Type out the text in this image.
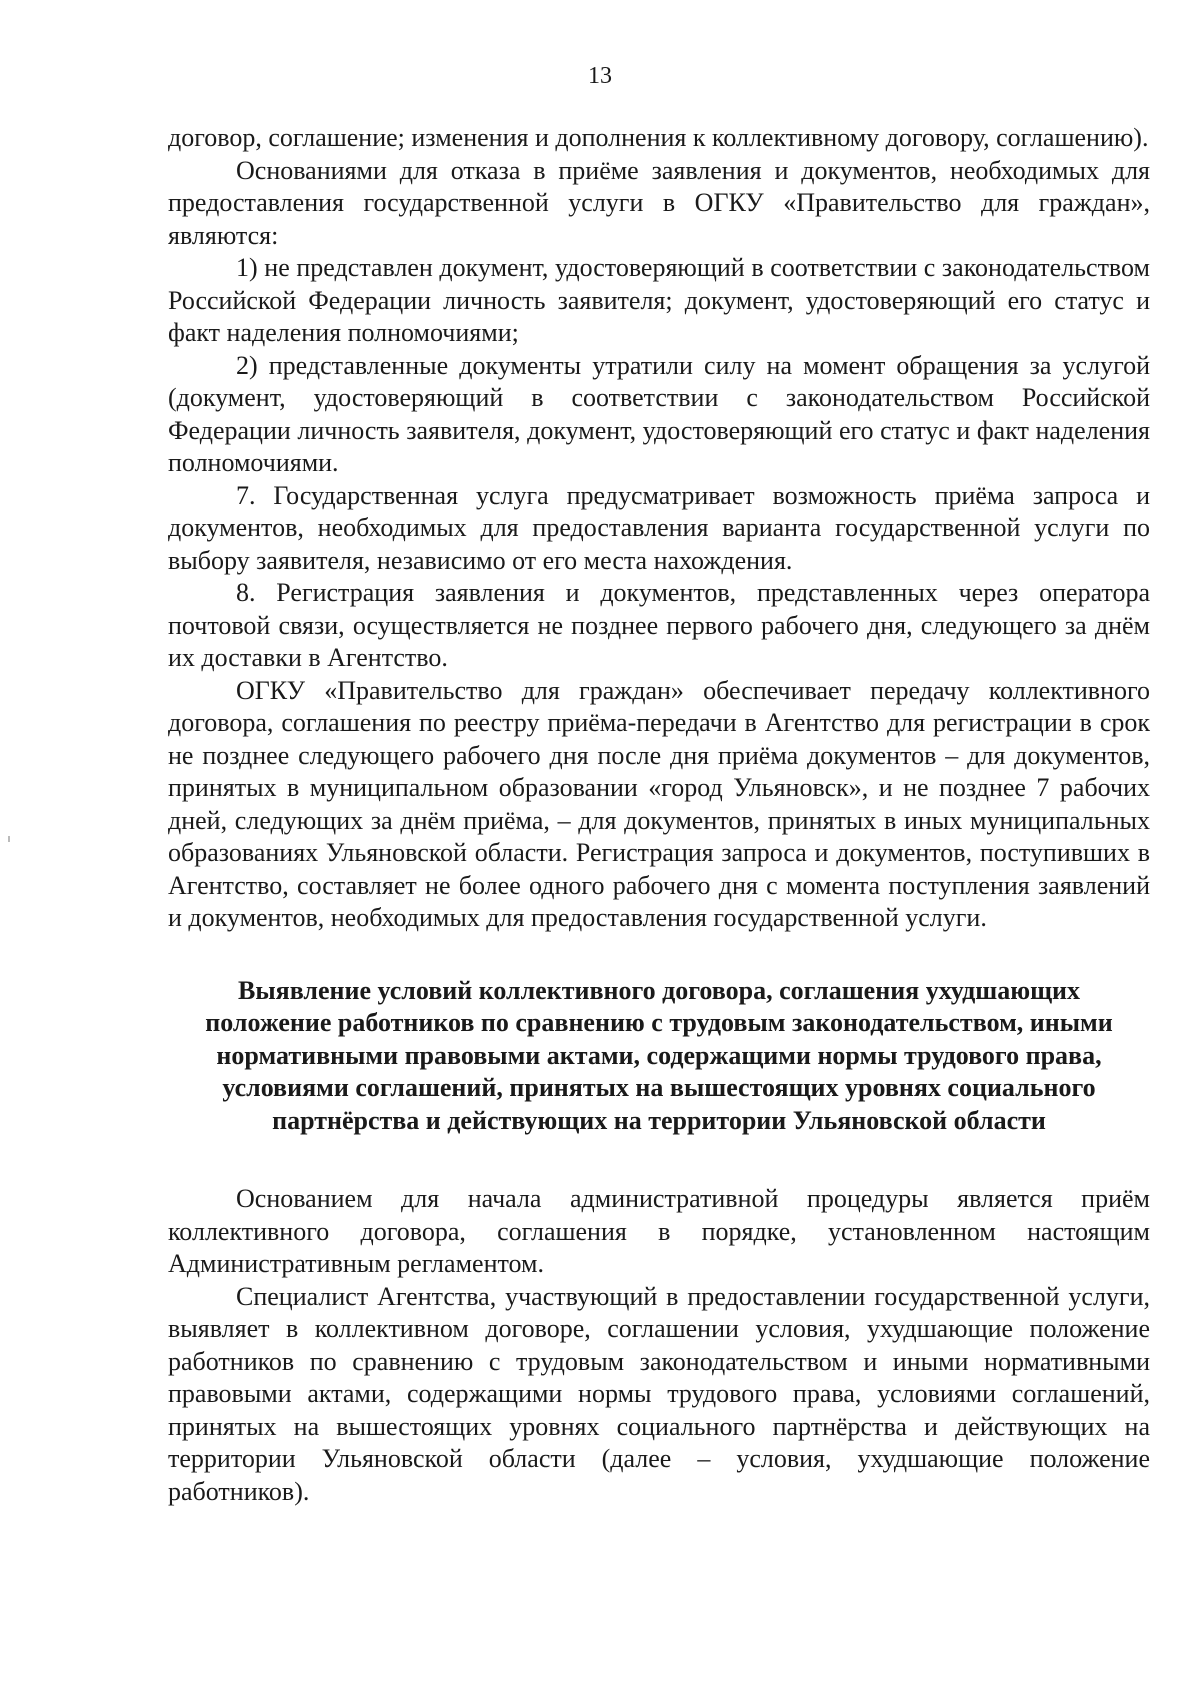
13

договор, соглашение; изменения и дополнения к коллективному договору, соглашению).

Основаниями для отказа в приёме заявления и документов, необходимых для предоставления государственной услуги в ОГКУ «Правительство для граждан», являются:

1) не представлен документ, удостоверяющий в соответствии с законодательством Российской Федерации личность заявителя; документ, удостоверяющий его статус и факт наделения полномочиями;

2) представленные документы утратили силу на момент обращения за услугой (документ, удостоверяющий в соответствии с законодательством Российской Федерации личность заявителя, документ, удостоверяющий его статус и факт наделения полномочиями.

7. Государственная услуга предусматривает возможность приёма запроса и документов, необходимых для предоставления варианта государственной услуги по выбору заявителя, независимо от его места нахождения.

8. Регистрация заявления и документов, представленных через оператора почтовой связи, осуществляется не позднее первого рабочего дня, следующего за днём их доставки в Агентство.

ОГКУ «Правительство для граждан» обеспечивает передачу коллективного договора, соглашения по реестру приёма-передачи в Агентство для регистрации в срок не позднее следующего рабочего дня после дня приёма документов – для документов, принятых в муниципальном образовании «город Ульяновск», и не позднее 7 рабочих дней, следующих за днём приёма, – для документов, принятых в иных муниципальных образованиях Ульяновской области. Регистрация запроса и документов, поступивших в Агентство, составляет не более одного рабочего дня с момента поступления заявлений и документов, необходимых для предоставления государственной услуги.

Выявление условий коллективного договора, соглашения ухудшающих положение работников по сравнению с трудовым законодательством, иными нормативными правовыми актами, содержащими нормы трудового права, условиями соглашений, принятых на вышестоящих уровнях социального партнёрства и действующих на территории Ульяновской области

Основанием для начала административной процедуры является приём коллективного договора, соглашения в порядке, установленном настоящим Административным регламентом.

Специалист Агентства, участвующий в предоставлении государственной услуги, выявляет в коллективном договоре, соглашении условия, ухудшающие положение работников по сравнению с трудовым законодательством и иными нормативными правовыми актами, содержащими нормы трудового права, условиями соглашений, принятых на вышестоящих уровнях социального партнёрства и действующих на территории Ульяновской области (далее – условия, ухудшающие положение работников).
